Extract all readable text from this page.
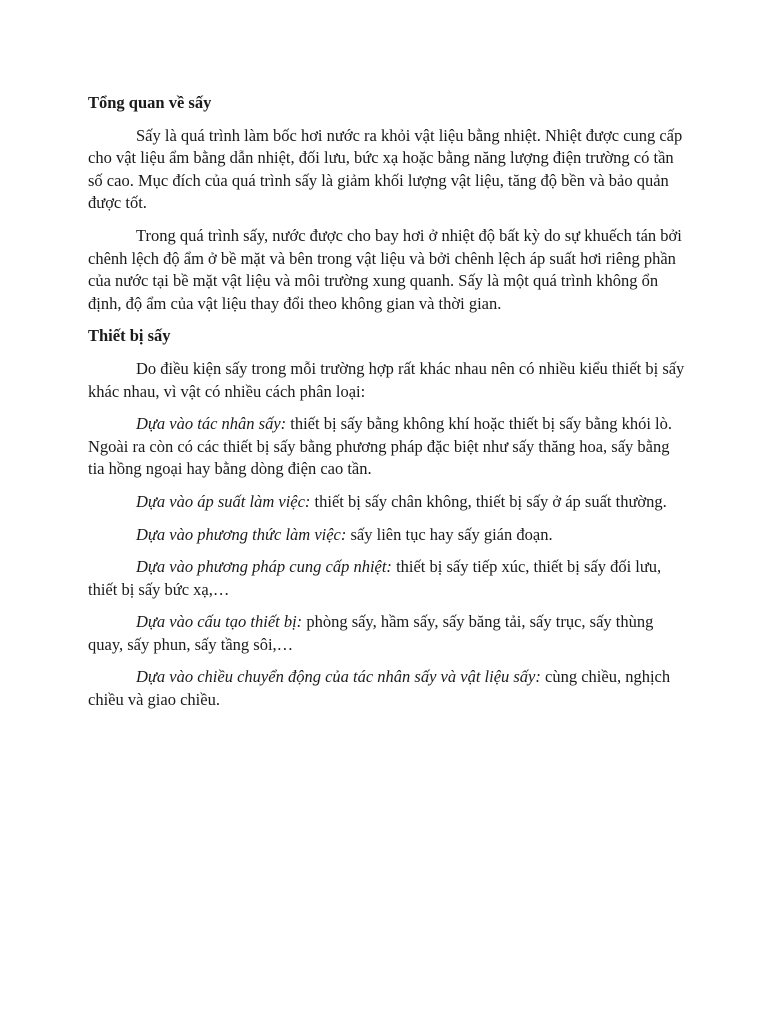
Tổng quan về sấy

Sấy là quá trình làm bốc hơi nước ra khỏi vật liệu bằng nhiệt. Nhiệt được cung cấp cho vật liệu ẩm bằng dẫn nhiệt, đối lưu, bức xạ hoặc bằng năng lượng điện trường có tần số cao. Mục đích của quá trình sấy là giảm khối lượng vật liệu, tăng độ bền và bảo quản được tốt.

Trong quá trình sấy, nước được cho bay hơi ở nhiệt độ bất kỳ do sự khuếch tán bởi chênh lệch độ ẩm ở bề mặt và bên trong vật liệu và bởi chênh lệch áp suất hơi riêng phần của nước tại bề mặt vật liệu và môi trường xung quanh. Sấy là một quá trình không ổn định, độ ẩm của vật liệu thay đổi theo không gian và thời gian.

Thiết bị sấy

Do điều kiện sấy trong mỗi trường hợp rất khác nhau nên có nhiều kiểu thiết bị sấy khác nhau, vì vật có nhiều cách phân loại:

Dựa vào tác nhân sấy: thiết bị sấy bằng không khí hoặc thiết bị sấy bằng khói lò. Ngoài ra còn có các thiết bị sấy bằng phương pháp đặc biệt như sấy thăng hoa, sấy bằng tia hồng ngoại hay bằng dòng điện cao tần.

Dựa vào áp suất làm việc: thiết bị sấy chân không, thiết bị sấy ở áp suất thường.

Dựa vào phương thức làm việc: sấy liên tục hay sấy gián đoạn.

Dựa vào phương pháp cung cấp nhiệt: thiết bị sấy tiếp xúc, thiết bị sấy đối lưu, thiết bị sấy bức xạ,…

Dựa vào cấu tạo thiết bị: phòng sấy, hầm sấy, sấy băng tải, sấy trục, sấy thùng quay, sấy phun, sấy tầng sôi,…

Dựa vào chiều chuyển động của tác nhân sấy và vật liệu sấy: cùng chiều, nghịch chiều và giao chiều.
